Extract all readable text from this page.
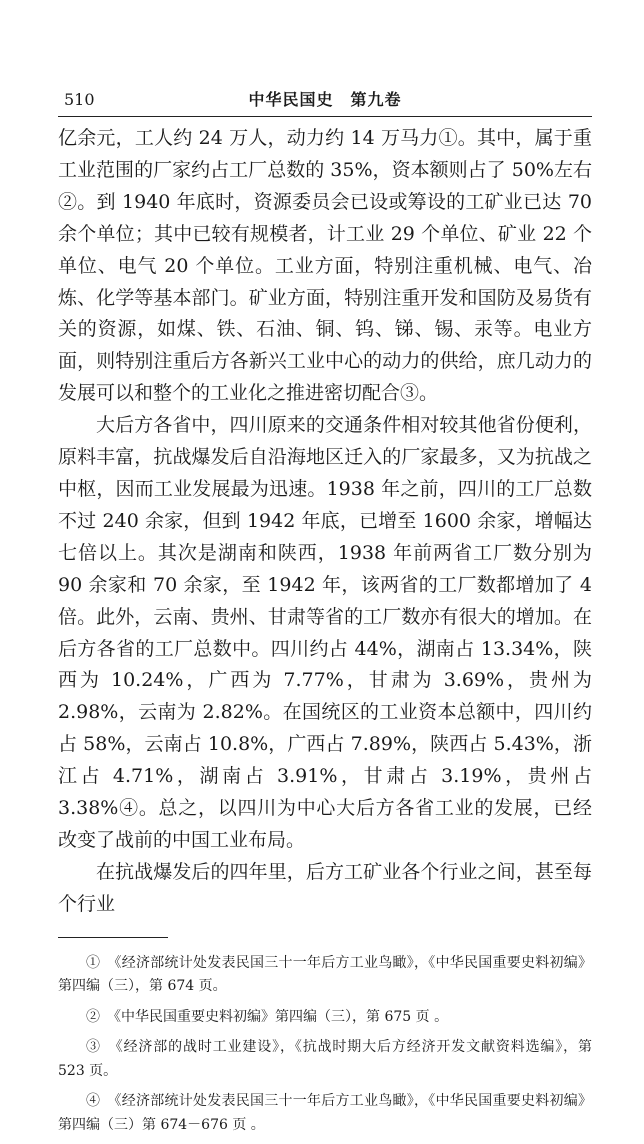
510	中华民国史　第九卷

亿余元，工人约 24 万人，动力约 14 万马力①。其中，属于重工业范围的厂家约占工厂总数的 35%，资本额则占了 50%左右②。到 1940 年底时，资源委员会已设或筹设的工矿业已达 70 余个单位；其中已较有规模者，计工业 29 个单位、矿业 22 个单位、电气 20 个单位。工业方面，特别注重机械、电气、冶炼、化学等基本部门。矿业方面，特别注重开发和国防及易货有关的资源，如煤、铁、石油、铜、钨、锑、锡、汞等。电业方面，则特别注重后方各新兴工业中心的动力的供给，庶几动力的发展可以和整个的工业化之推进密切配合③。

大后方各省中，四川原来的交通条件相对较其他省份便利，原料丰富，抗战爆发后自沿海地区迁入的厂家最多，又为抗战之中枢，因而工业发展最为迅速。1938 年之前，四川的工厂总数不过 240 余家，但到 1942 年底，已增至 1600 余家，增幅达七倍以上。其次是湖南和陕西，1938 年前两省工厂数分别为 90 余家和 70 余家，至 1942 年，该两省的工厂数都增加了 4 倍。此外，云南、贵州、甘肃等省的工厂数亦有很大的增加。在后方各省的工厂总数中。四川约占 44%，湖南占 13.34%，陕西为 10.24%，广西为 7.77%，甘肃为 3.69%，贵州为 2.98%，云南为 2.82%。在国统区的工业资本总额中，四川约占 58%，云南占 10.8%，广西占 7.89%，陕西占 5.43%，浙江占 4.71%，湖南占 3.91%，甘肃占 3.19%，贵州占 3.38%④。总之，以四川为中心大后方各省工业的发展，已经改变了战前的中国工业布局。

在抗战爆发后的四年里，后方工矿业各个行业之间，甚至每个行业

①　《经济部统计处发表民国三十一年后方工业鸟瞰》，《中华民国重要史料初编》第四编（三），第 674 页。

②　《中华民国重要史料初编》第四编（三），第 675 页 。

③　《经济部的战时工业建设》，《抗战时期大后方经济开发文献资料选编》，第 523 页。

④　《经济部统计处发表民国三十一年后方工业鸟瞰》，《中华民国重要史料初编》第四编（三）第 674－676 页 。
